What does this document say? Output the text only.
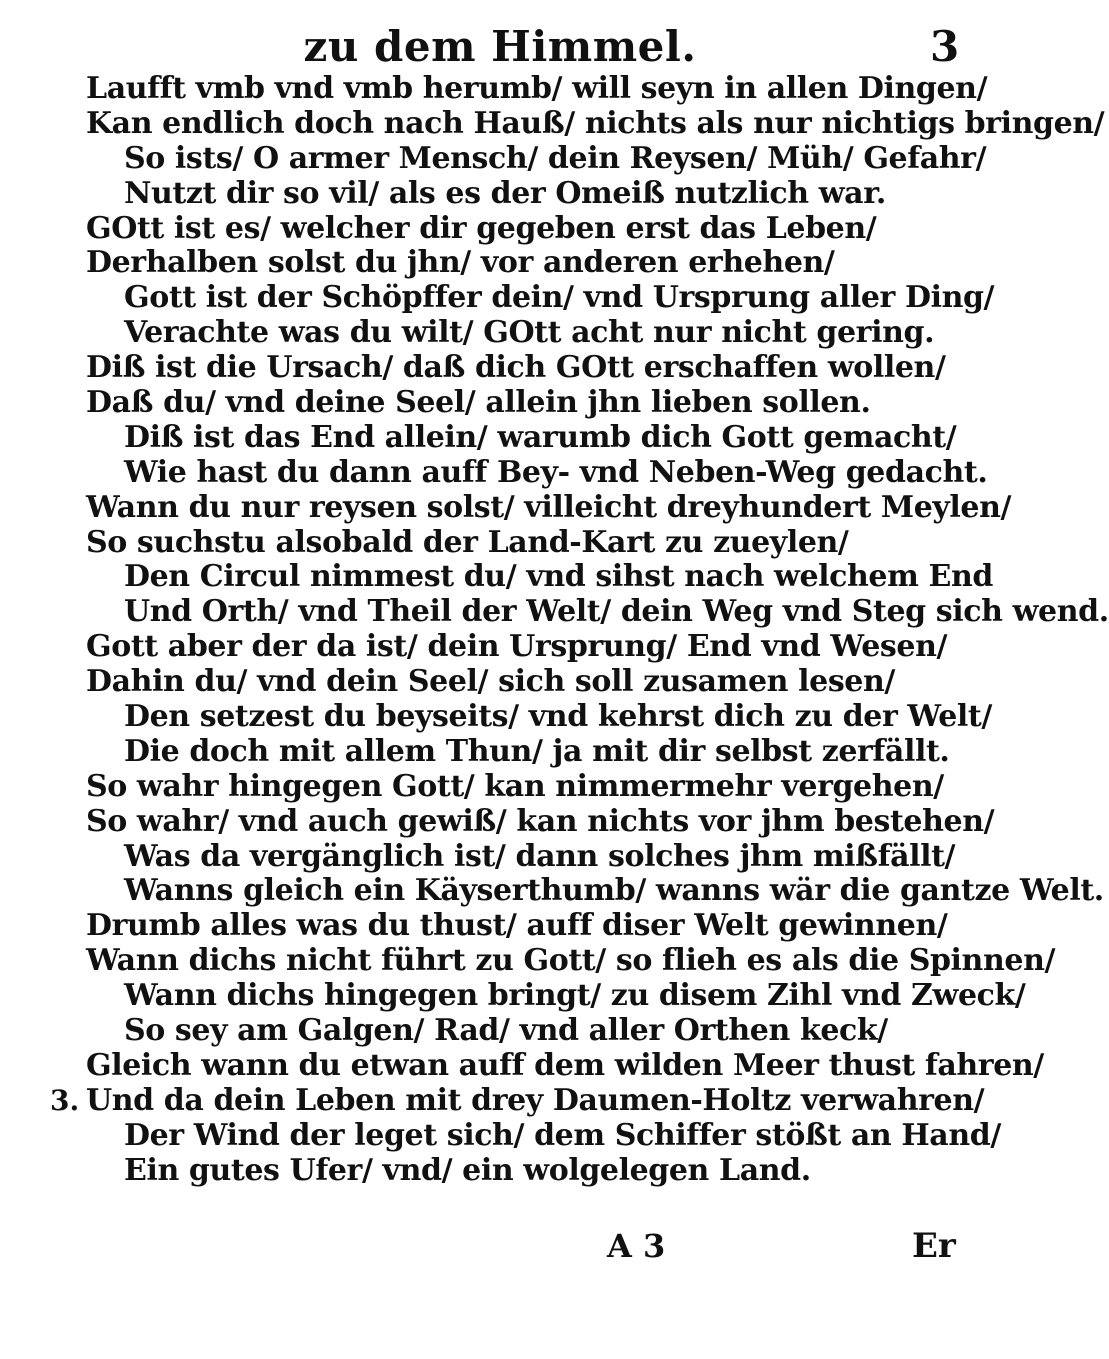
zu dem Himmel.	3
Laufft vmb vnd vmb herumb/ will seyn in allen Dingen/
Kan endlich doch nach Hauß/ nichts als nur nichtigs bringen/
So ists/ O armer Mensch/ dein Reysen/ Müh/ Gefahr/
Nutzt dir so vil/ als es der Omeiß nutzlich war.
GOtt ist es/ welcher dir gegeben erst das Leben/
Derhalben solst du jhn/ vor anderen erhehen/
Gott ist der Schöpffer dein/ vnd Ursprung aller Ding/
Verachte was du wilt/ GOtt acht nur nicht gering.
Diß ist die Ursach/ daß dich GOtt erschaffen wollen/
Daß du/ vnd deine Seel/ allein jhn lieben sollen.
Diß ist das End allein/ warumb dich Gott gemacht/
Wie hast du dann auff Bey- vnd Neben-Weg gedacht.
Wann du nur reysen solst/ villeicht dreyhundert Meylen/
So suchstu alsobald der Land-Kart zu zueylen/
Den Circul nimmest du/ vnd sihst nach welchem End
Und Orth/ vnd Theil der Welt/ dein Weg vnd Steg sich wend.
Gott aber der da ist/ dein Ursprung/ End vnd Wesen/
Dahin du/ vnd dein Seel/ sich soll zusamen lesen/
Den setzest du beyseits/ vnd kehrst dich zu der Welt/
Die doch mit allem Thun/ ja mit dir selbst zerfällt.
So wahr hingegen Gott/ kan nimmermehr vergehen/
So wahr/ vnd auch gewiß/ kan nichts vor jhm bestehen/
Was da vergänglich ist/ dann solches jhm mißfällt/
Wanns gleich ein Käyserthumb/ wanns wär die gantze Welt.
Drumb alles was du thust/ auff diser Welt gewinnen/
Wann dichs nicht führt zu Gott/ so flieh es als die Spinnen/
Wann dichs hingegen bringt/ zu disem Zihl vnd Zweck/
So sey am Galgen/ Rad/ vnd aller Orthen keck/
Gleich wann du etwan auff dem wilden Meer thust fahren/
Und da dein Leben mit drey Daumen-Holtz verwahren/
Der Wind der leget sich/ dem Schiffer stößt an Hand/
Ein gutes Ufer/ vnd/ ein wolgelegen Land.
3.
A 3	Er
